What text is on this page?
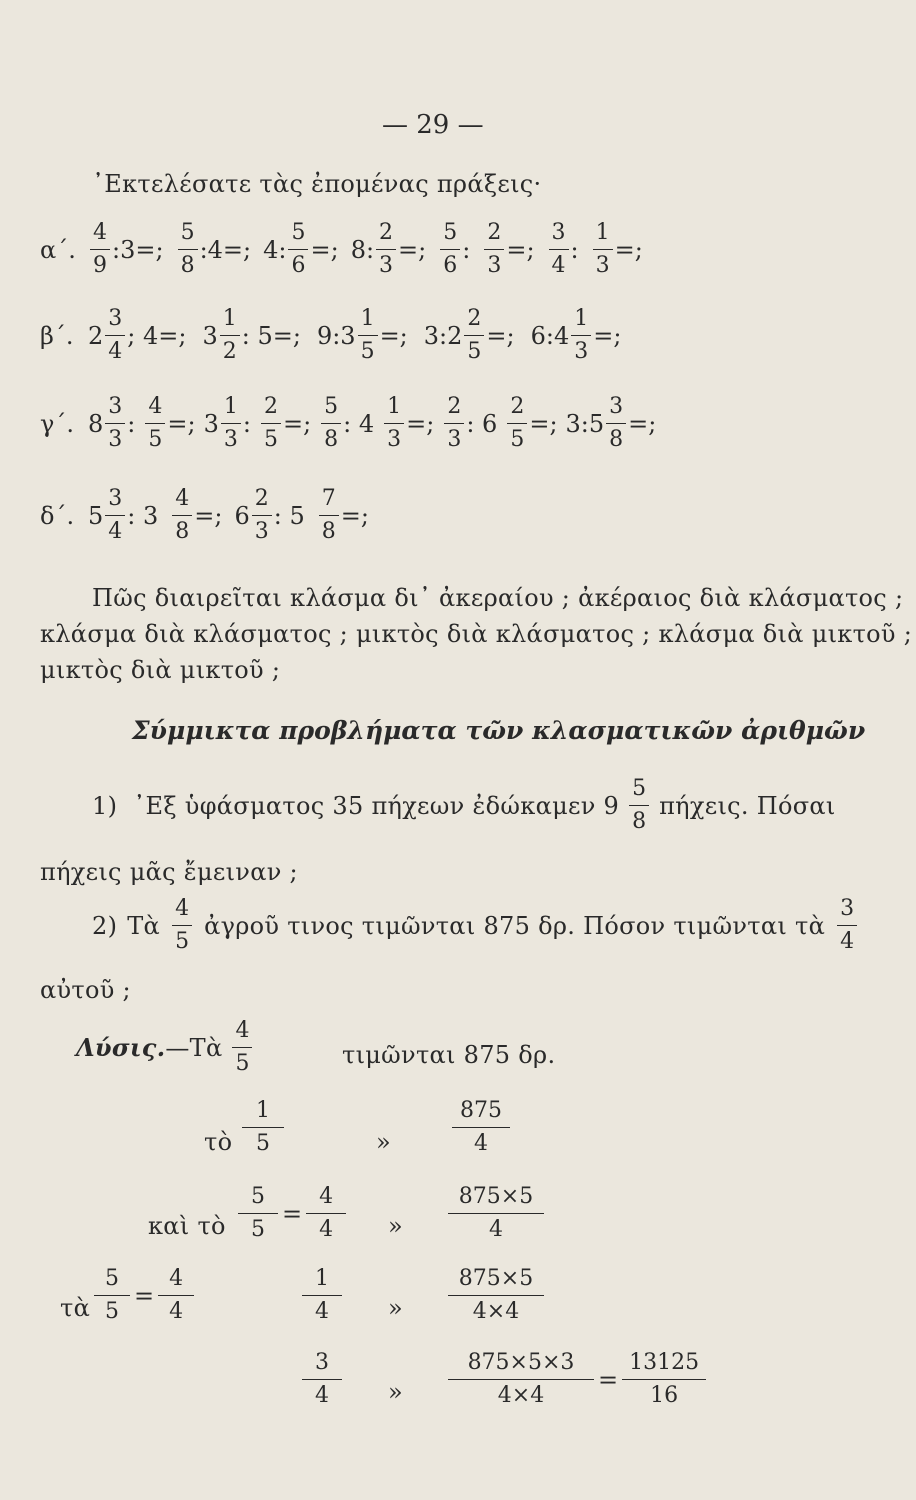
— 29 —
᾿Εκτελέσατε τὰς ἐπομένας πράξεις·
α΄. $\frac{4}{9}$ :3=; $\frac{5}{8}$ :4=; 4: $\frac{5}{6}$ =; 8: $\frac{2}{3}$ =; $\frac{5}{6}$ : $\frac{2}{3}$ =; $\frac{3}{4}$ : $\frac{1}{3}$ =;
β΄. $2 \frac{3}{4}$ ; 4=; $3 \frac{1}{2}$ : 5=; 9:3 $\frac{1}{5}$ =; 3:2 $\frac{2}{5}$ =; 6:4 $\frac{1}{3}$ =;
γ΄. $8 \frac{3}{3}$ : $\frac{4}{5}$ =; $3 \frac{1}{3}$ : $\frac{2}{5}$ =; $\frac{5}{8}$ : $4 \frac{1}{3}$ =; $\frac{2}{3}$ : $6 \frac{2}{5}$ =; 3:5 $\frac{3}{8}$ =;
δ΄. $5 \frac{3}{4}$ : $3 \frac{4}{8}$ =; $6 \frac{2}{3}$ : $5 \frac{7}{8}$ =;
Πῶς διαιρεῖται κλάσμα δι᾿ ἀκεραίου ; ἀκέραιος διὰ κλάσματος ;
κλάσμα διὰ κλάσματος ; μικτὸς διὰ κλάσματος ; κλάσμα διὰ μικτοῦ ;
μικτὸς διὰ μικτοῦ ;
Σύμμικτα προβλήματα τῶν κλασματικῶν ἀριθμῶν
1) ᾿Εξ ὑφάσματος 35 πήχεων ἐδώκαμεν $9 \frac{5}{8} \pi ή\chi\varepsilon\iota\varsigma$. Πόσαι
πήχεις μᾶς ἔμειναν ;
2) Τὰ $\frac{4}{5}$ ἀγροῦ τινος τιμῶνται 875 δρ. Πόσον τιμῶνται τὰ $\frac{3}{4}$
αὐτοῦ ;
Λύσις. —Τὰ $\frac{4}{5}$	τιμῶνται 875 δρ.
τὸ $\frac{1}{5}$	»	$\frac{875}{4}$
καὶ τὸ $\frac{5}{5} = \frac{4}{4}$ » $\frac{875\times 5}{4}$
τὰ $\frac{5}{5} = \frac{4}{4}$	$\frac{1}{4}$ » $\frac{875\times 5}{4\times 4}$
$\frac{3}{4}$ » $\frac{875\times 5\times 3}{4\times 4} = \frac{13125}{16}$
